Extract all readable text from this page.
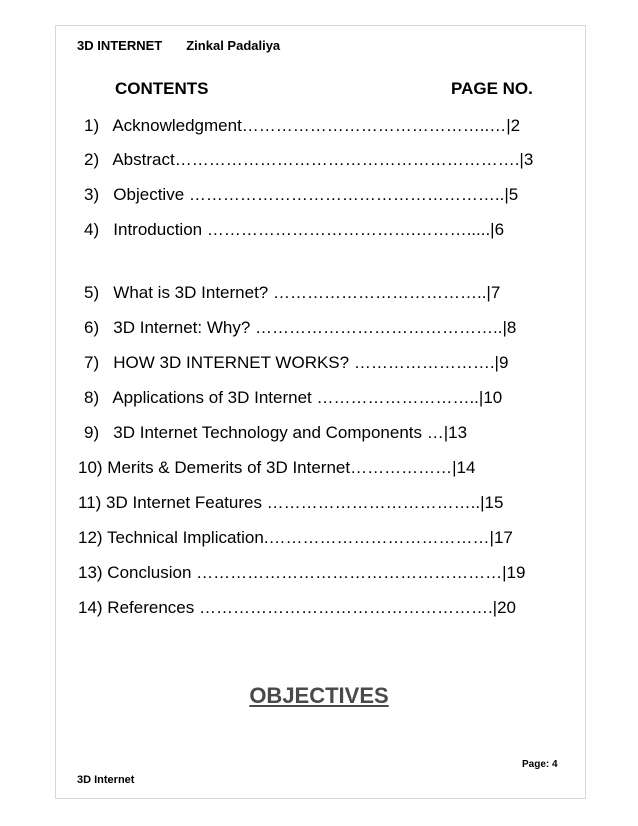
3D INTERNET Zinkal Padaliya
CONTENTS	PAGE NO.
1)   Acknowledgment……………………………………..…|2
2)   Abstract…………………………………………………….|3
3)   Objective ………………………………………………..|5
4)   Introduction ……………………………….……….....|6
5)   What is 3D Internet? ………………………………..|7
6)   3D Internet: Why? ……………………………………..|8
7)   HOW 3D INTERNET WORKS? …………………….|9
8)   Applications of 3D Internet ………………………..|10
9)   3D Internet Technology and Components …|13
10) Merits & Demerits of 3D Internet………………|14
11) 3D Internet Features ………………………………..|15
12) Technical Implication.…………………………………|17
13) Conclusion ………………………………………………|19
14) References …………………………………………….|20
OBJECTIVES
Page: 4
3D Internet
